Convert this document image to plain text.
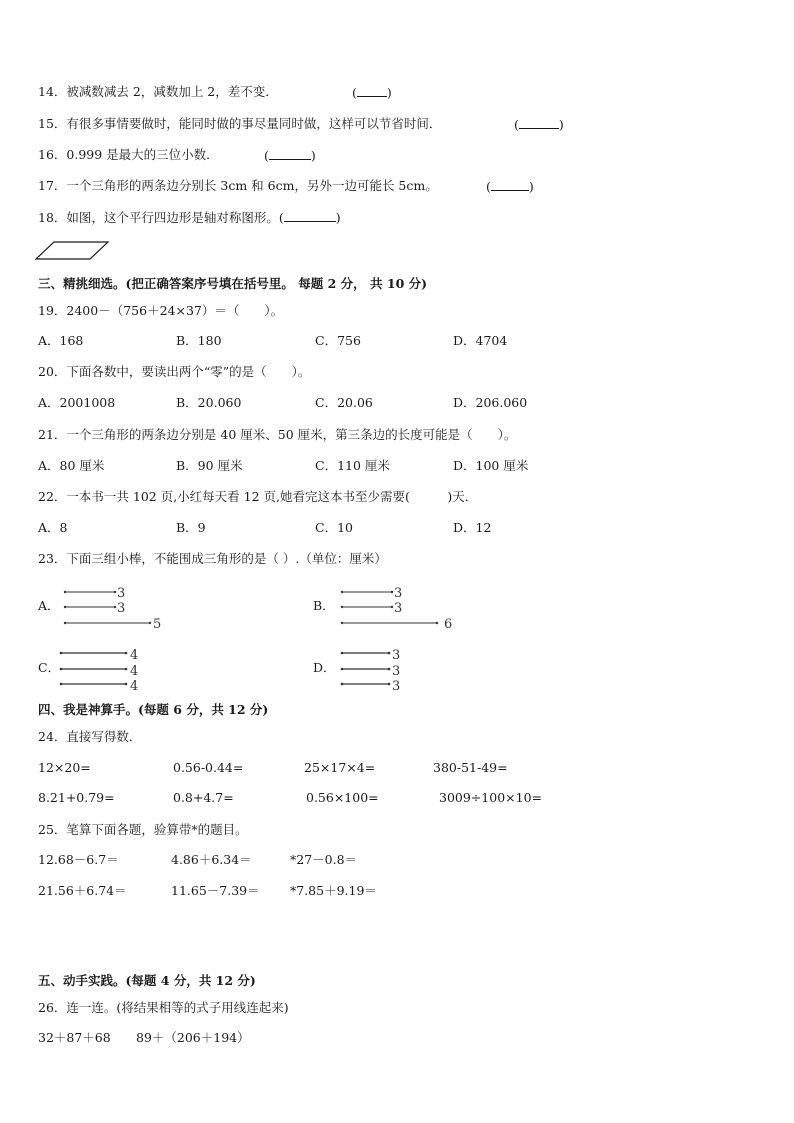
14．被减数减去 2，减数加上 2，差不变．	( )
15．有很多事情要做时，能同时做的事尽量同时做，这样可以节省时间．	(	)
16．0.999 是最大的三位小数．	(	)
17．一个三角形的两条边分别长 3cm 和 6cm，另外一边可能长 5cm。	(	)
18．如图，这个平行四边形是轴对称图形。(	)
三、精挑细选。(把正确答案序号填在括号里。 每题 2 分， 共 10 分)
19．2400－（756＋24×37）＝（　　）。
A．168	B．180	C．756	D．4704
20．下面各数中，要读出两个“零”的是（　　）。
A．2001008	B．20.060	C．20.06	D．206.060
21．一个三角形的两条边分别是 40 厘米、50 厘米，第三条边的长度可能是（　　）。
A．80 厘米	B．90 厘米	C．110 厘米	D．100 厘米
22．一本书一共 102 页,小红每天看 12 页,她看完这本书至少需要(　　　)天．
A．8	B．9	C．10	D．12
23．下面三组小棒，不能围成三角形的是（ ）.（单位：厘米）
A．
3
3
5
B．
3
3
6
C．
4
4
4
D．
3
3
3
四、我是神算手。(每题 6 分，共 12 分)
24．直接写得数．
12×20=	0.56-0.44=	25×17×4=	380-51-49=
8.21+0.79=	0.8+4.7=	0.56×100=	3009÷100×10=
25．笔算下面各题，验算带*的题目。
12.68－6.7＝	4.86＋6.34＝	*27－0.8＝
21.56＋6.74＝	11.65－7.39＝ *7.85＋9.19＝
五、动手实践。(每题 4 分，共 12 分)
26．连一连。(将结果相等的式子用线连起来)
32＋87＋68 89＋（206＋194）
